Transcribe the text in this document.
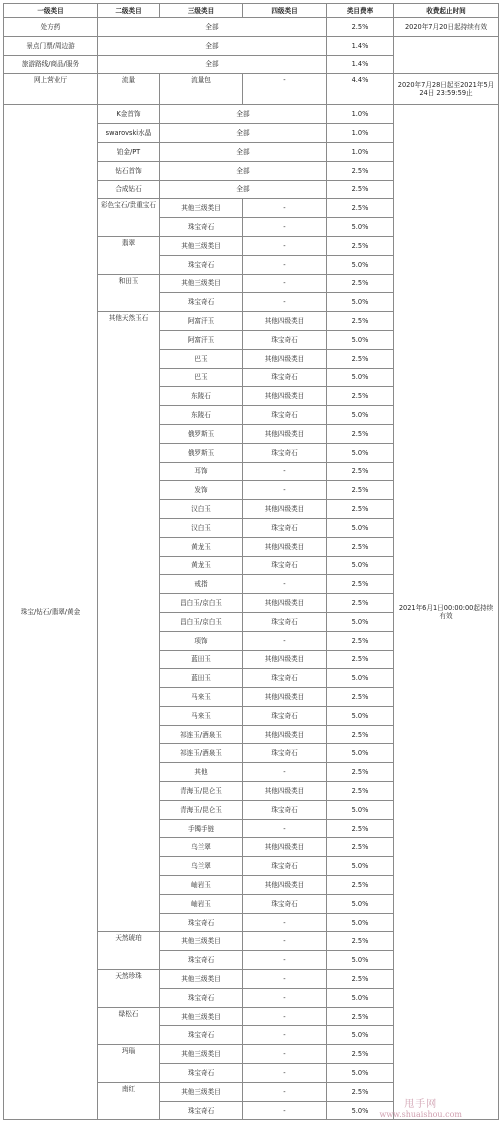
一级类目	二级类目	三级类目	四级类目	类目费率	收费起止时间
处方药	全部			2.5%	2020年7月20日起持续有效
景点门票/周边游	全部			1.4%	
旅游路线/商品/服务	全部			1.4%	
网上营业厅	流量	流量包	-	4.4%	2020年7月28日起至2021年5月24日 23:59:59止
珠宝/钻石/翡翠/黄金	K金首饰	全部		1.0%	2021年6月1日00:00:00起持续有效
	swarovski水晶	全部		1.0%	
	铂金/PT	全部		1.0%	
	钻石首饰	全部		2.5%	
	合成钻石	全部		2.5%	
	彩色宝石/贵重宝石	其他三级类目	-	2.5%	
		珠宝奇石	-	5.0%	
	翡翠	其他三级类目	-	2.5%	
		珠宝奇石	-	5.0%	
	和田玉	其他三级类目	-	2.5%	
		珠宝奇石	-	5.0%	
	其他天然玉石	阿富汗玉	其他四级类目	2.5%	
		阿富汗玉	珠宝奇石	5.0%	
		巴玉	其他四级类目	2.5%	
		巴玉	珠宝奇石	5.0%	
		东陵石	其他四级类目	2.5%	
		东陵石	珠宝奇石	5.0%	
		俄罗斯玉	其他四级类目	2.5%	
		俄罗斯玉	珠宝奇石	5.0%	
		耳饰	-	2.5%	
		发饰	-	2.5%	
		汉白玉	其他四级类目	2.5%	
		汉白玉	珠宝奇石	5.0%	
		黄龙玉	其他四级类目	2.5%	
		黄龙玉	珠宝奇石	5.0%	
		戒指	-	2.5%	
		昌白玉/京白玉	其他四级类目	2.5%	
		昌白玉/京白玉	珠宝奇石	5.0%	
		项饰	-	2.5%	
		蓝田玉	其他四级类目	2.5%	
		蓝田玉	珠宝奇石	5.0%	
		马来玉	其他四级类目	2.5%	
		马来玉	珠宝奇石	5.0%	
		祁连玉/酒泉玉	其他四级类目	2.5%	
		祁连玉/酒泉玉	珠宝奇石	5.0%	
		其他	-	2.5%	
		青海玉/昆仑玉	其他四级类目	2.5%	
		青海玉/昆仑玉	珠宝奇石	5.0%	
		手镯手链	-	2.5%	
		乌兰翠	其他四级类目	2.5%	
		乌兰翠	珠宝奇石	5.0%	
		岫岩玉	其他四级类目	2.5%	
		岫岩玉	珠宝奇石	5.0%	
		珠宝奇石	-	5.0%	
	天然琥珀	其他三级类目	-	2.5%	
		珠宝奇石	-	5.0%	
	天然珍珠	其他三级类目	-	2.5%	
		珠宝奇石	-	5.0%	
	绿松石	其他三级类目	-	2.5%	
		珠宝奇石	-	5.0%	
	玛瑙	其他三级类目	-	2.5%	
		珠宝奇石	-	5.0%	
	南红	其他三级类目	-	2.5%	
		珠宝奇石	-	5.0%	
甩手网
www.shuaishou.com
